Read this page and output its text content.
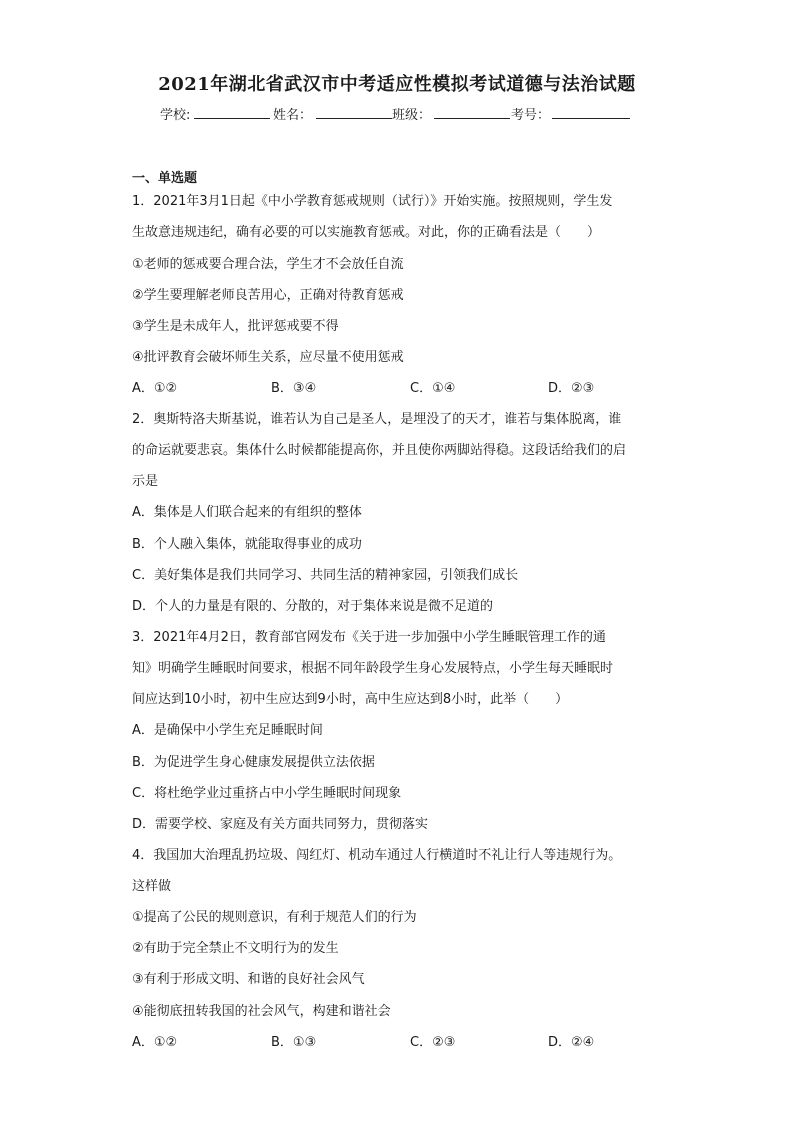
2021年湖北省武汉市中考适应性模拟考试道德与法治试题
学校:	姓名：	班级：	考号：
一、单选题
1．2021年3月1日起《中小学教育惩戒规则（试行）》开始实施。按照规则，学生发
生故意违规违纪，确有必要的可以实施教育惩戒。对此，你的正确看法是（　　）
①老师的惩戒要合理合法，学生才不会放任自流
②学生要理解老师良苦用心，正确对待教育惩戒
③学生是未成年人，批评惩戒要不得
④批评教育会破坏师生关系，应尽量不使用惩戒
A．①②	B．③④	C．①④	D．②③
2．奥斯特洛夫斯基说，谁若认为自己是圣人，是埋没了的天才，谁若与集体脱离，谁
的命运就要悲哀。集体什么时候都能提高你，并且使你两脚站得稳。这段话给我们的启
示是
A．集体是人们联合起来的有组织的整体
B．个人融入集体，就能取得事业的成功
C．美好集体是我们共同学习、共同生活的精神家园，引领我们成长
D．个人的力量是有限的、分散的，对于集体来说是微不足道的
3．2021年4月2日，教育部官网发布《关于进一步加强中小学生睡眠管理工作的通
知》明确学生睡眠时间要求，根据不同年龄段学生身心发展特点，小学生每天睡眠时
间应达到10小时，初中生应达到9小时，高中生应达到8小时，此举（　　）
A．是确保中小学生充足睡眠时间
B．为促进学生身心健康发展提供立法依据
C．将杜绝学业过重挤占中小学生睡眠时间现象
D．需要学校、家庭及有关方面共同努力，贯彻落实
4．我国加大治理乱扔垃圾、闯红灯、机动车通过人行横道时不礼让行人等违规行为。
这样做
①提高了公民的规则意识，有利于规范人们的行为
②有助于完全禁止不文明行为的发生
③有利于形成文明、和谐的良好社会风气
④能彻底扭转我国的社会风气，构建和谐社会
A．①②	B．①③	C．②③	D．②④
